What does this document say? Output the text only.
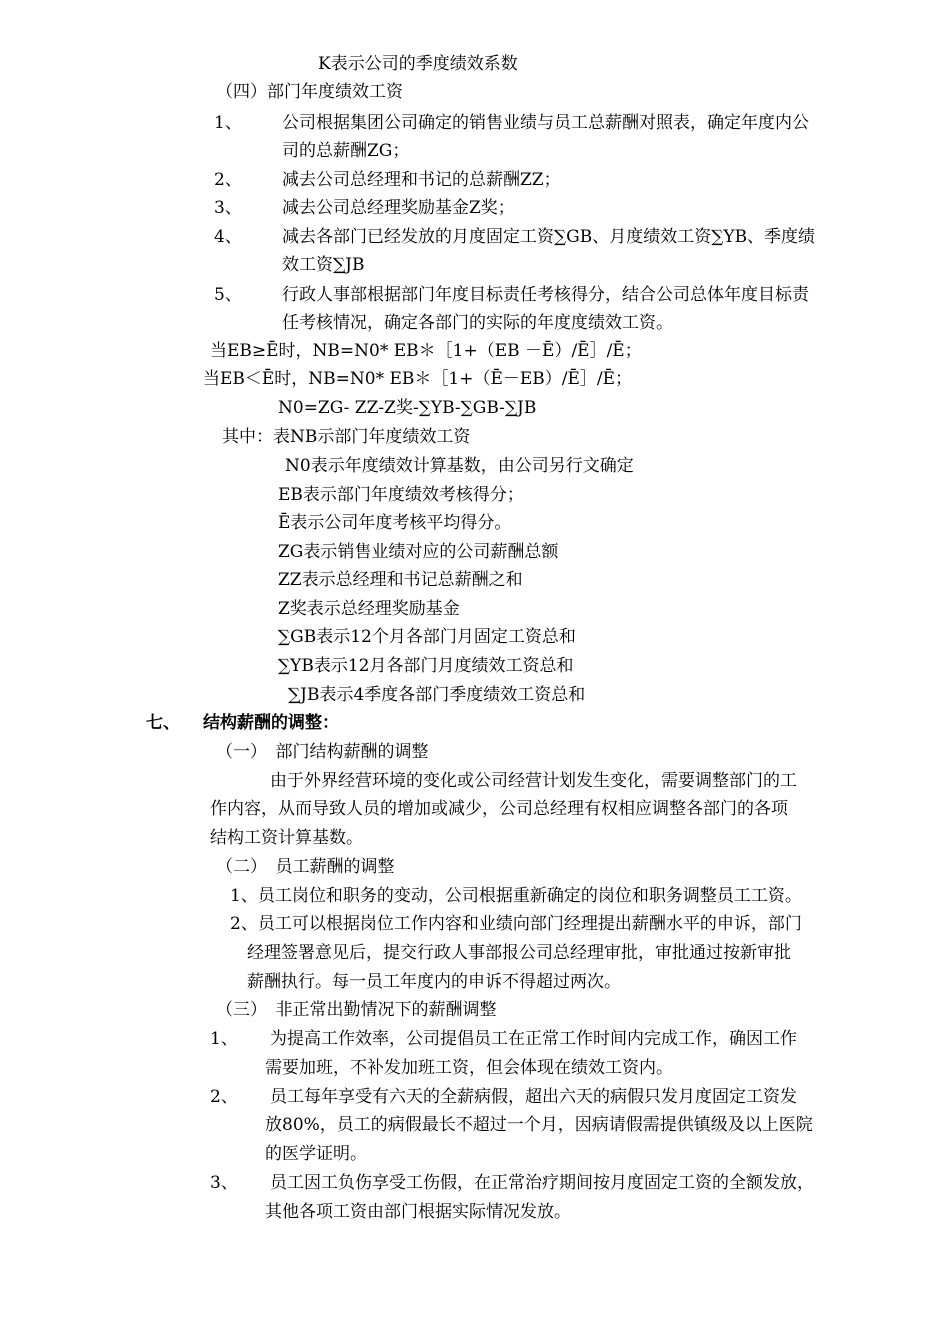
K表示公司的季度绩效系数
（四）部门年度绩效工资
1、 公司根据集团公司确定的销售业绩与员工总薪酬对照表，确定年度内公
司的总薪酬ZG；
2、 减去公司总经理和书记的总薪酬ZZ；
3、 减去公司总经理奖励基金Z奖；
4、 减去各部门已经发放的月度固定工资∑GB、月度绩效工资∑YB、季度绩
效工资∑JB
5、 行政人事部根据部门年度目标责任考核得分，结合公司总体年度目标责
任考核情况，确定各部门的实际的年度度绩效工资。
当EB≥Ē时，NB=N0* EB＊［1+（EB －Ē）/Ē］/Ē；
当EB＜Ē时，NB=N0* EB＊［1+（Ē－EB）/Ē］/Ē；
N0=ZG- ZZ-Z奖-∑YB-∑GB-∑JB
其中：表NB示部门年度绩效工资
N0表示年度绩效计算基数，由公司另行文确定
EB表示部门年度绩效考核得分；
Ē表示公司年度考核平均得分。
ZG表示销售业绩对应的公司薪酬总额
ZZ表示总经理和书记总薪酬之和
Z奖表示总经理奖励基金
∑GB表示12个月各部门月固定工资总和
∑YB表示12月各部门月度绩效工资总和
∑JB表示4季度各部门季度绩效工资总和
七、 结构薪酬的调整：
（一）　部门结构薪酬的调整
由于外界经营环境的变化或公司经营计划发生变化，需要调整部门的工
作内容，从而导致人员的增加或减少，公司总经理有权相应调整各部门的各项
结构工资计算基数。
（二）　员工薪酬的调整
1、员工岗位和职务的变动，公司根据重新确定的岗位和职务调整员工工资。
2、员工可以根据岗位工作内容和业绩向部门经理提出薪酬水平的申诉，部门
经理签署意见后，提交行政人事部报公司总经理审批，审批通过按新审批
薪酬执行。每一员工年度内的申诉不得超过两次。
（三）　非正常出勤情况下的薪酬调整
1、 为提高工作效率，公司提倡员工在正常工作时间内完成工作，确因工作
需要加班，不补发加班工资，但会体现在绩效工资内。
2、 员工每年享受有六天的全薪病假，超出六天的病假只发月度固定工资发
放80%，员工的病假最长不超过一个月，因病请假需提供镇级及以上医院
的医学证明。
3、 员工因工负伤享受工伤假，在正常治疗期间按月度固定工资的全额发放，
其他各项工资由部门根据实际情况发放。
